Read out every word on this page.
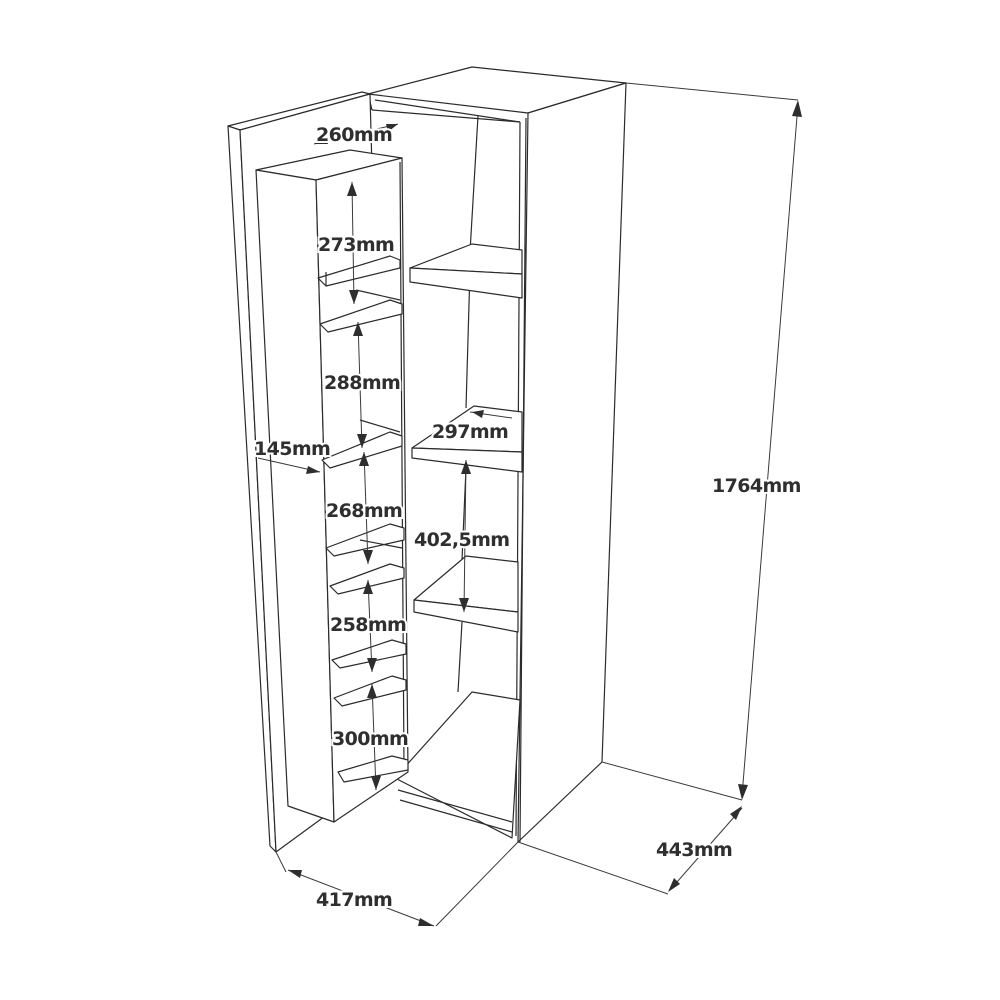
1764mm
443mm
417mm
260mm
145mm
297mm
402,5mm
273mm
288mm
268mm
258mm
300mm
